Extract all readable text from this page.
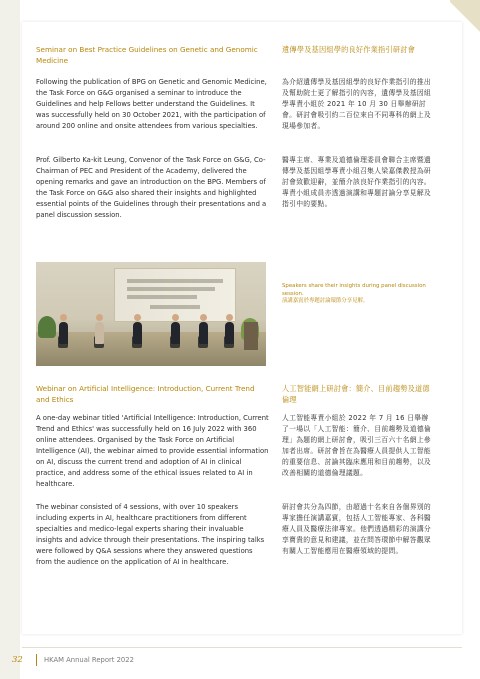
Seminar on Best Practice Guidelines on Genetic and Genomic Medicine
遺傳學及基因組學的良好作業指引研討會

Following the publication of BPG on Genetic and Genomic Medicine, the Task Force on G&G organised a seminar to introduce the Guidelines and help Fellows better understand the Guidelines. It was successfully held on 30 October 2021, with the participation of around 200 online and onsite attendees from various specialties.

為介紹遺傳學及基因組學的良好作業指引的推出及幫助院士更了解指引的內容，遺傳學及基因組學專責小組於 2021 年 10 月 30 日舉辦研討會。研討會吸引約二百位來自不同專科的網上及現場參加者。

Prof. Gilberto Ka-kit Leung, Convenor of the Task Force on G&G, Co-Chairman of PEC and President of the Academy, delivered the opening remarks and gave an introduction on the BPG. Members of the Task Force on G&G also shared their insights and highlighted essential points of the Guidelines through their presentations and a panel discussion session.

醫專主席、專業及道德倫理委員會聯合主席暨遺傳學及基因組學專責小組召集人梁嘉傑教授為研討會致歡迎辭，並簡介該良好作業指引的內容。專責小組成員亦透過演講和專題討論分享見解及指引中的要點。

Speakers share their insights during panel discussion session.
演講嘉賓於專題討論環節分享見解。

Webinar on Artificial Intelligence: Introduction, Current Trend and Ethics
人工智能網上研討會：簡介、目前趨勢及道德倫理

A one-day webinar titled 'Artificial Intelligence: Introduction, Current Trend and Ethics' was successfully held on 16 July 2022 with 360 online attendees. Organised by the Task Force on Artificial Intelligence (AI), the webinar aimed to provide essential information on AI, discuss the current trend and adoption of AI in clinical practice, and address some of the ethical issues related to AI in healthcare.

人工智能專責小組於 2022 年 7 月 16 日舉辦了一場以「人工智能：簡介、目前趨勢及道德倫理」為題的網上研討會，吸引三百六十名網上參加者出席。研討會旨在為醫療人員提供人工智能的重要信息、討論其臨床應用和目前趨勢，以及改善相關的道德倫理議題。

The webinar consisted of 4 sessions, with over 10 speakers including experts in AI, healthcare practitioners from different specialties and medico-legal experts sharing their invaluable insights and advice through their presentations. The inspiring talks were followed by Q&A sessions where they answered questions from the audience on the application of AI in healthcare.

研討會共分為四節，由超過十名來自各個界別的專家擔任演講嘉賓，包括人工智能專家、各科醫療人員及醫療法律專家。他們透過精彩的演講分享寶貴的意見和建議，並在問答環節中解答觀眾有關人工智能應用在醫療領域的提問。

32	HKAM Annual Report 2022
